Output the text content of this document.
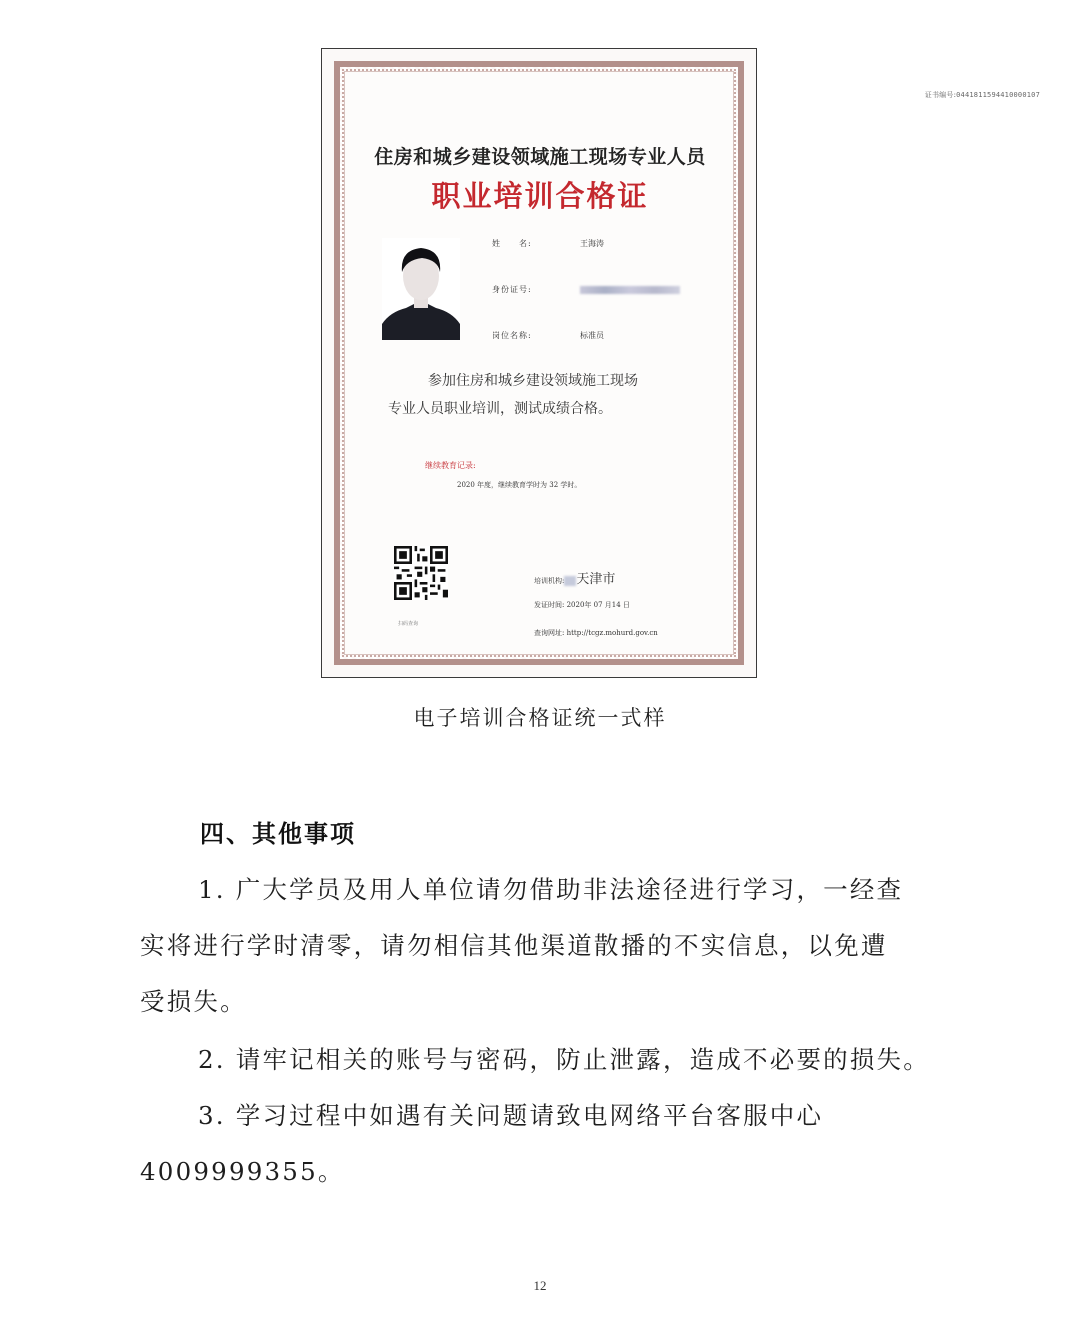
证书编号:0441811594410000107
住房和城乡建设领域施工现场专业人员
职业培训合格证
姓　　名:	王海涛
身份证号:
岗位名称:	标准员
参加住房和城乡建设领域施工现场
专业人员职业培训，测试成绩合格。
继续教育记录:
2020 年度，继续教育学时为 32 学时。
扫码查询
培训机构: 天津市
发证时间: 2020年 07 月14 日
查询网址: http://tcgz.mohurd.gov.cn
电子培训合格证统一式样
四、其他事项
1. 广大学员及用人单位请勿借助非法途径进行学习，一经查
实将进行学时清零，请勿相信其他渠道散播的不实信息，以免遭
受损失。
2. 请牢记相关的账号与密码，防止泄露，造成不必要的损失。
3. 学习过程中如遇有关问题请致电网络平台客服中心
4009999355。
12
